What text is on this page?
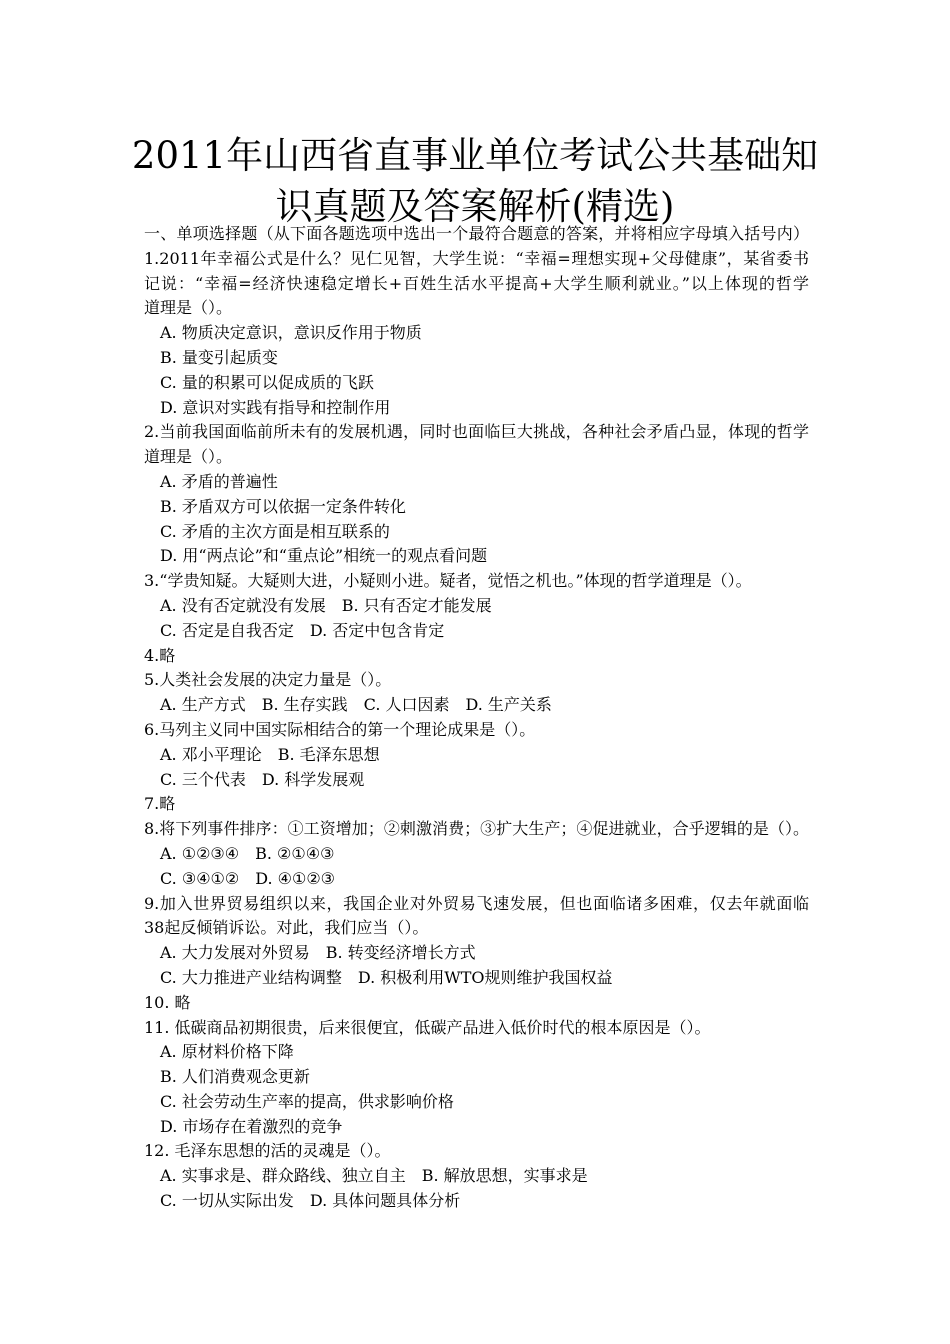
2011年山西省直事业单位考试公共基础知识真题及答案解析(精选)
一、单项选择题（从下面各题选项中选出一个最符合题意的答案，并将相应字母填入括号内）
1.2011年幸福公式是什么？见仁见智，大学生说：“幸福=理想实现+父母健康”，某省委书
记说：“幸福=经济快速稳定增长+百姓生活水平提高+大学生顺利就业。”以上体现的哲学
道理是（）。
A. 物质决定意识，意识反作用于物质
B. 量变引起质变
C. 量的积累可以促成质的飞跃
D. 意识对实践有指导和控制作用
2.当前我国面临前所未有的发展机遇，同时也面临巨大挑战，各种社会矛盾凸显，体现的哲学
道理是（）。
A. 矛盾的普遍性
B. 矛盾双方可以依据一定条件转化
C. 矛盾的主次方面是相互联系的
D. 用“两点论”和“重点论”相统一的观点看问题
3.“学贵知疑。大疑则大进，小疑则小进。疑者，觉悟之机也。”体现的哲学道理是（）。
A. 没有否定就没有发展　B. 只有否定才能发展
C. 否定是自我否定　D. 否定中包含肯定
4.略
5.人类社会发展的决定力量是（）。
A. 生产方式　B. 生存实践　C. 人口因素　D. 生产关系
6.马列主义同中国实际相结合的第一个理论成果是（）。
A. 邓小平理论　B. 毛泽东思想
C. 三个代表　D. 科学发展观
7.略
8.将下列事件排序：①工资增加；②刺激消费；③扩大生产；④促进就业，合乎逻辑的是（）。
A. ①②③④　B. ②①④③
C. ③④①②　D. ④①②③
9.加入世界贸易组织以来，我国企业对外贸易飞速发展，但也面临诸多困难，仅去年就面临
38起反倾销诉讼。对此，我们应当（）。
A. 大力发展对外贸易　B. 转变经济增长方式
C. 大力推进产业结构调整　D. 积极利用WTO规则维护我国权益
10. 略
11. 低碳商品初期很贵，后来很便宜，低碳产品进入低价时代的根本原因是（）。
A. 原材料价格下降
B. 人们消费观念更新
C. 社会劳动生产率的提高，供求影响价格
D. 市场存在着激烈的竞争
12. 毛泽东思想的活的灵魂是（）。
A. 实事求是、群众路线、独立自主　B. 解放思想，实事求是
C. 一切从实际出发　D. 具体问题具体分析
